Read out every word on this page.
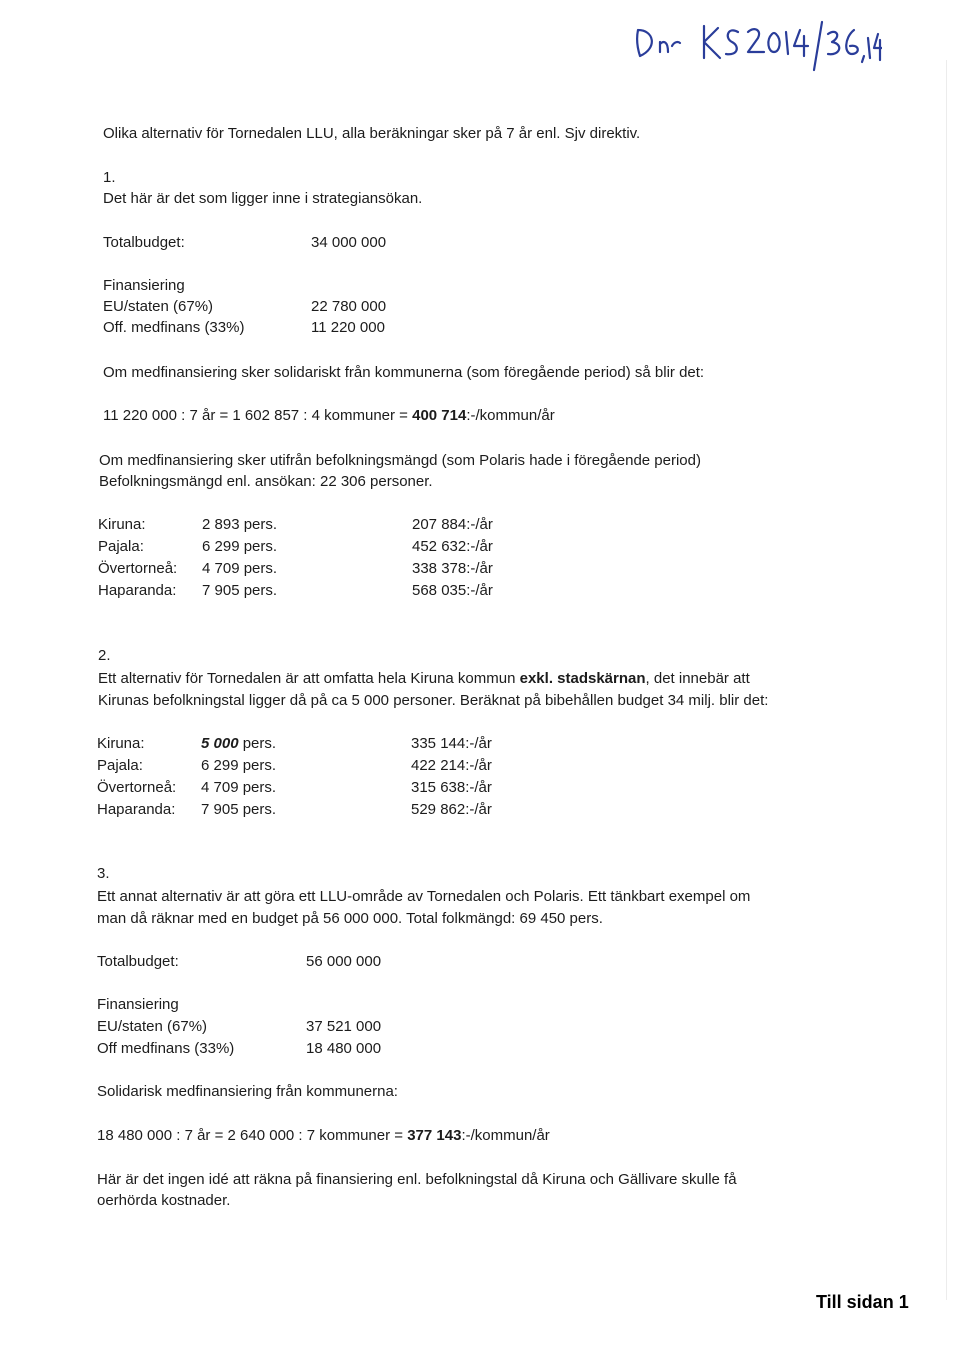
Olika alternativ för Tornedalen LLU, alla beräkningar sker på 7 år enl. Sjv direktiv.
1.
Det här är det som ligger inne i strategiansökan.
Totalbudget:	34 000 000
Finansiering
EU/staten (67%)	22 780 000
Off. medfinans (33%)	11 220 000
Om medfinansiering sker solidariskt från kommunerna (som föregående period) så blir det:
11 220 000 : 7 år = 1 602 857 : 4 kommuner = 400 714:-/kommun/år
Om medfinansiering sker utifrån befolkningsmängd (som Polaris hade i föregående period)
Befolkningsmängd enl. ansökan: 22 306 personer.
Kiruna:	2 893 pers.	207 884:-/år
Pajala:	6 299 pers.	452 632:-/år
Övertorneå: 4 709 pers.	338 378:-/år
Haparanda: 7 905 pers.	568 035:-/år
2.
Ett alternativ för Tornedalen är att omfatta hela Kiruna kommun exkl. stadskärnan, det innebär att
Kirunas befolkningstal ligger då på ca 5 000 personer. Beräknat på bibehållen budget 34 milj. blir det:
Kiruna:	5 000 pers.	335 144:-/år
Pajala:	6 299 pers.	422 214:-/år
Övertorneå: 4 709 pers.	315 638:-/år
Haparanda: 7 905 pers.	529 862:-/år
3.
Ett annat alternativ är att göra ett LLU-område av Tornedalen och Polaris. Ett tänkbart exempel om
man då räknar med en budget på 56 000 000. Total folkmängd: 69 450 pers.
Totalbudget:	56 000 000
Finansiering
EU/staten (67%)	37 521 000
Off medfinans (33%)	18 480 000
Solidarisk medfinansiering från kommunerna:
18 480 000 : 7 år = 2 640 000 : 7 kommuner = 377 143:-/kommun/år
Här är det ingen idé att räkna på finansiering enl. befolkningstal då Kiruna och Gällivare skulle få
oerhörda kostnader.
Till sidan 1
